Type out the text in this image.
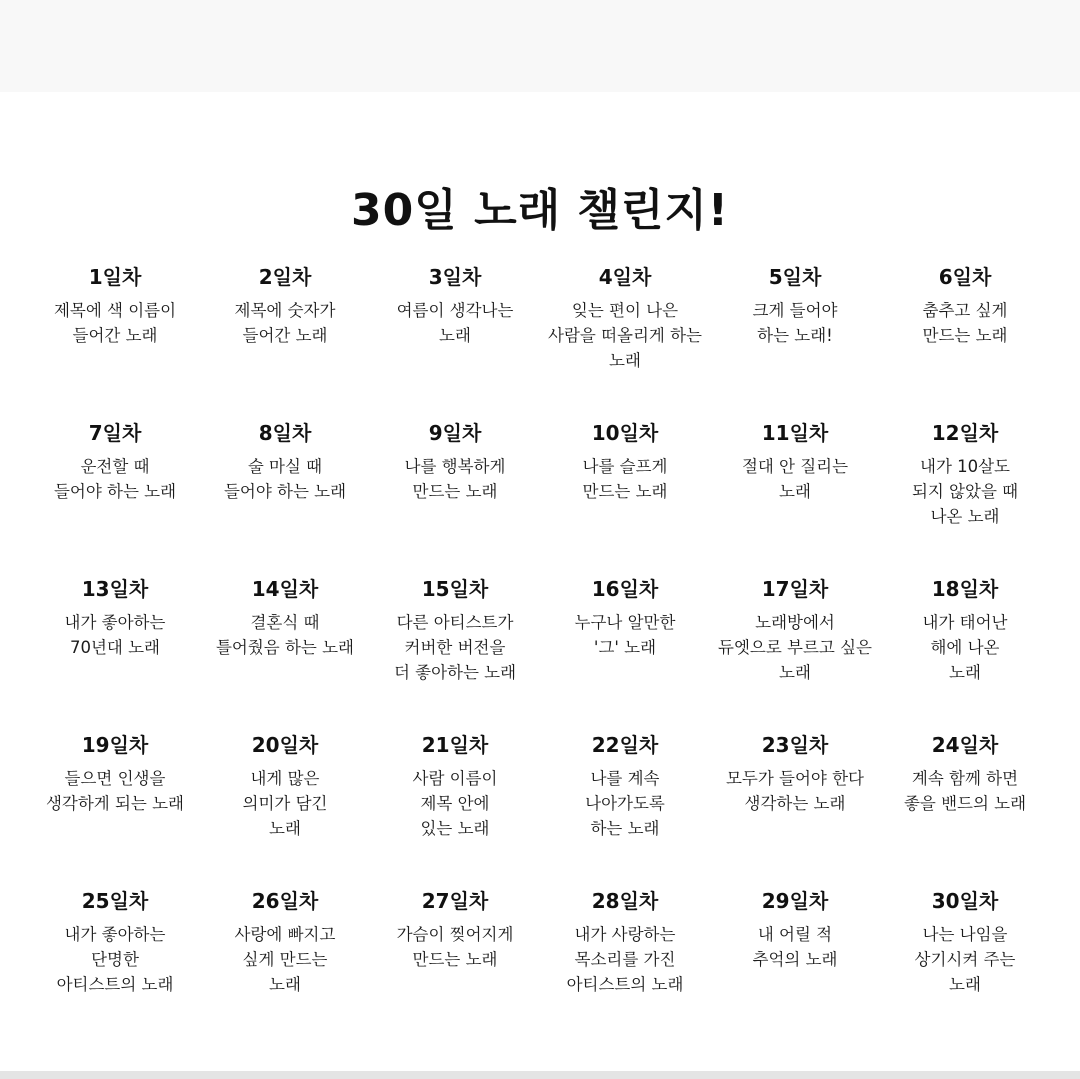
30일 노래 챌린지!
1일차
제목에 색 이름이
들어간 노래
2일차
제목에 숫자가
들어간 노래
3일차
여름이 생각나는
노래
4일차
잊는 편이 나은
사람을 떠올리게 하는
노래
5일차
크게 들어야
하는 노래!
6일차
춤추고 싶게
만드는 노래
7일차
운전할 때
들어야 하는 노래
8일차
술 마실 때
들어야 하는 노래
9일차
나를 행복하게
만드는 노래
10일차
나를 슬프게
만드는 노래
11일차
절대 안 질리는
노래
12일차
내가 10살도
되지 않았을 때
나온 노래
13일차
내가 좋아하는
70년대 노래
14일차
결혼식 때
틀어줬음 하는 노래
15일차
다른 아티스트가
커버한 버전을
더 좋아하는 노래
16일차
누구나 알만한
'그' 노래
17일차
노래방에서
듀엣으로 부르고 싶은
노래
18일차
내가 태어난
해에 나온
노래
19일차
들으면 인생을
생각하게 되는 노래
20일차
내게 많은
의미가 담긴
노래
21일차
사람 이름이
제목 안에
있는 노래
22일차
나를 계속
나아가도록
하는 노래
23일차
모두가 들어야 한다
생각하는 노래
24일차
계속 함께 하면
좋을 밴드의 노래
25일차
내가 좋아하는
단명한
아티스트의 노래
26일차
사랑에 빠지고
싶게 만드는
노래
27일차
가슴이 찢어지게
만드는 노래
28일차
내가 사랑하는
목소리를 가진
아티스트의 노래
29일차
내 어릴 적
추억의 노래
30일차
나는 나임을
상기시켜 주는
노래
